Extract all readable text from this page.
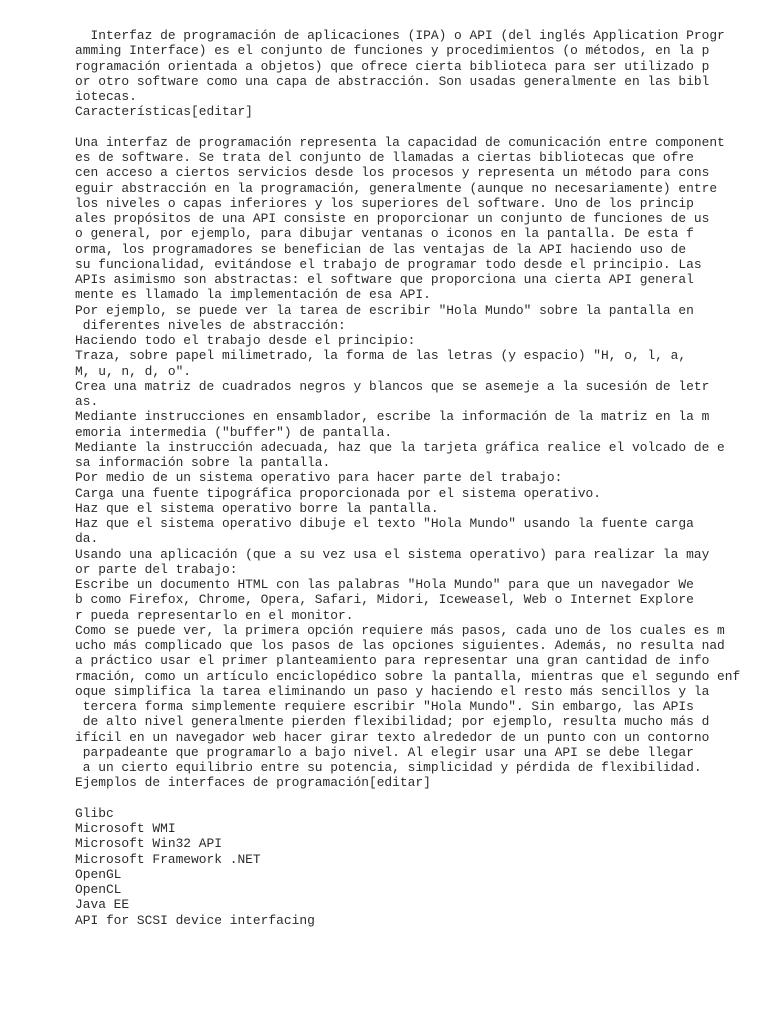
Interfaz de programación de aplicaciones (IPA) o API (del inglés Application Progr
amming Interface) es el conjunto de funciones y procedimientos (o métodos, en la p
rogramación orientada a objetos) que ofrece cierta biblioteca para ser utilizado p
or otro software como una capa de abstracción. Son usadas generalmente en las bibl
iotecas.
Características[editar]
Una interfaz de programación representa la capacidad de comunicación entre component
es de software. Se trata del conjunto de llamadas a ciertas bibliotecas que ofre
cen acceso a ciertos servicios desde los procesos y representa un método para cons
eguir abstracción en la programación, generalmente (aunque no necesariamente) entre
los niveles o capas inferiores y los superiores del software. Uno de los princip
ales propósitos de una API consiste en proporcionar un conjunto de funciones de us
o general, por ejemplo, para dibujar ventanas o iconos en la pantalla. De esta f
orma, los programadores se benefician de las ventajas de la API haciendo uso de
su funcionalidad, evitándose el trabajo de programar todo desde el principio. Las
APIs asimismo son abstractas: el software que proporciona una cierta API general
mente es llamado la implementación de esa API.
Por ejemplo, se puede ver la tarea de escribir "Hola Mundo" sobre la pantalla en
diferentes niveles de abstracción:
Haciendo todo el trabajo desde el principio:
Traza, sobre papel milimetrado, la forma de las letras (y espacio) "H, o, l, a,
M, u, n, d, o".
Crea una matriz de cuadrados negros y blancos que se asemeje a la sucesión de letr
as.
Mediante instrucciones en ensamblador, escribe la información de la matriz en la m
emoria intermedia ("buffer") de pantalla.
Mediante la instrucción adecuada, haz que la tarjeta gráfica realice el volcado de e
sa información sobre la pantalla.
Por medio de un sistema operativo para hacer parte del trabajo:
Carga una fuente tipográfica proporcionada por el sistema operativo.
Haz que el sistema operativo borre la pantalla.
Haz que el sistema operativo dibuje el texto "Hola Mundo" usando la fuente carga
da.
Usando una aplicación (que a su vez usa el sistema operativo) para realizar la may
or parte del trabajo:
Escribe un documento HTML con las palabras "Hola Mundo" para que un navegador We
b como Firefox, Chrome, Opera, Safari, Midori, Iceweasel, Web o Internet Explore
r pueda representarlo en el monitor.
Como se puede ver, la primera opción requiere más pasos, cada uno de los cuales es m
ucho más complicado que los pasos de las opciones siguientes. Además, no resulta nad
a práctico usar el primer planteamiento para representar una gran cantidad de info
rmación, como un artículo enciclopédico sobre la pantalla, mientras que el segundo enf
oque simplifica la tarea eliminando un paso y haciendo el resto más sencillos y la
tercera forma simplemente requiere escribir "Hola Mundo". Sin embargo, las APIs
de alto nivel generalmente pierden flexibilidad; por ejemplo, resulta mucho más d
ifícil en un navegador web hacer girar texto alrededor de un punto con un contorno
parpadeante que programarlo a bajo nivel. Al elegir usar una API se debe llegar
a un cierto equilibrio entre su potencia, simplicidad y pérdida de flexibilidad.
Ejemplos de interfaces de programación[editar]
Glibc
Microsoft WMI
Microsoft Win32 API
Microsoft Framework .NET
OpenGL
OpenCL
Java EE
API for SCSI device interfacing
